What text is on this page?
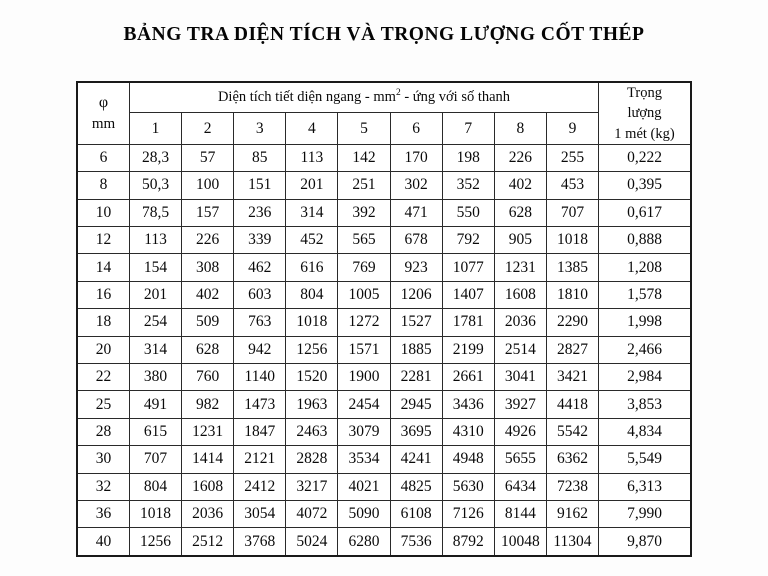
BẢNG TRA DIỆN TÍCH VÀ TRỌNG LƯỢNG CỐT THÉP
φ
mm	Diện tích tiết diện ngang - $mm^2$ - ứng với số thanh									Trọng
lượng
1 mét (kg)

	1	2	3	4	5	6	7	8	9	
6	28,3	57	85	113	142	170	198	226	255	0,222
8	50,3	100	151	201	251	302	352	402	453	0,395
10	78,5	157	236	314	392	471	550	628	707	0,617
12	113	226	339	452	565	678	792	905	1018	0,888
14	154	308	462	616	769	923	1077	1231	1385	1,208
16	201	402	603	804	1005	1206	1407	1608	1810	1,578
18	254	509	763	1018	1272	1527	1781	2036	2290	1,998
20	314	628	942	1256	1571	1885	2199	2514	2827	2,466
22	380	760	1140	1520	1900	2281	2661	3041	3421	2,984
25	491	982	1473	1963	2454	2945	3436	3927	4418	3,853
28	615	1231	1847	2463	3079	3695	4310	4926	5542	4,834
30	707	1414	2121	2828	3534	4241	4948	5655	6362	5,549
32	804	1608	2412	3217	4021	4825	5630	6434	7238	6,313
36	1018	2036	3054	4072	5090	6108	7126	8144	9162	7,990
40	1256	2512	3768	5024	6280	7536	8792	10048	11304	9,870
